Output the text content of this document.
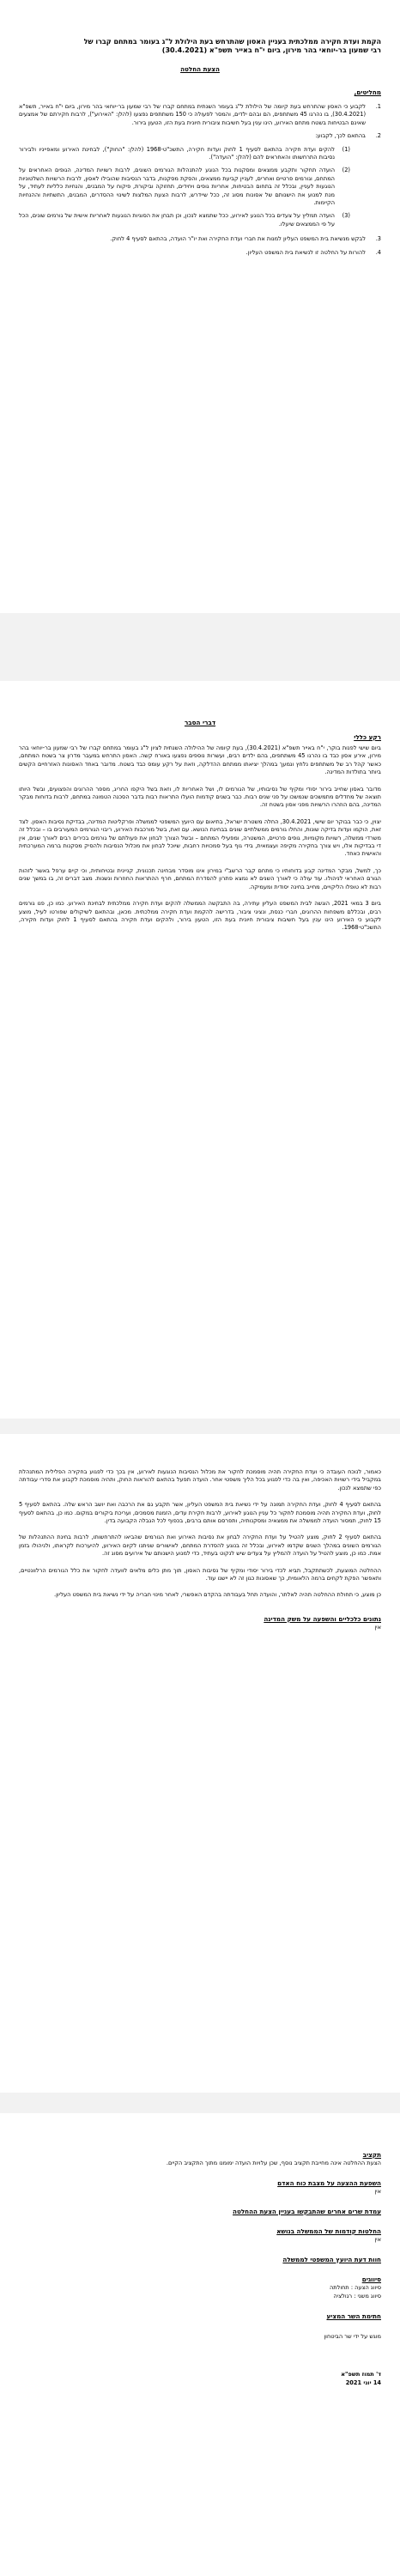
הקמת ועדת חקירה ממלכתית בעניין האסון שהתרחש בעת הילולת ל"ג בעומר במתחם קברו של
רבי שמעון בר-יוחאי בהר מירון, ביום י"ח באייר תשפ"א (30.4.2021)
הצעת החלטה
מחליטים,
1.
לקבוע כי האסון שהתרחש בעת קיומה של הילולת ל"ג בעומר השנתית במתחם קברו של רבי שמעון בר-יוחאי בהר מירון, ביום י"ח באייר, תשפ"א (30.4.2021), בו נהרגו 45 משתתפים, הם ובהם ילדים, והמסר לפעולה כי 150 משתתפים נפצעו (להלן: "האירוע"), לרבות חקירתם של אמצעים שאינם הבטיחות בשטח מתחם האירוע, הינו ענין בעל חשיבות ציבורית חיונית בעת הזו, הטעון בירור.
2.
בהתאם לכך, לקבוע:
(1)
להקים ועדת חקירה בהתאם לסעיף 1 לחוק ועדות חקירה, התשכ"ט-1968 (להלן: "החוק"), לבחינת האירוע ומאפייניו ולבירור נסיבות התרחשותו והאחראים להם (להלן: "הועדה").
(2)
הועדה תחקור ותקבע ממצאים ומסקנות בכל הנוגע להתנהלות הגורמים השונים, לרבות רשויות המדינה, הגופים האחראים על המתחם, וגורמים פרטיים ואחרים, לעניין קביעת ממצאים, והסקת מסקנות, בדבר הנסיבות שהובילו לאסון, לרבות הרשויות השלטוניות הנוגעות לעניין, ובכלל זה בתחום הבטיחות, אחריות גופים ויחידים, תחזוקה וביקורת, פיקוח על המבנים, והנחיות כלליות לעתיד, על מנת למנוע את הישנותם של אסונות מסוג זה, ככל שיידרש, לרבות הצעת המלצות לשינוי ההסדרים, המבנים, התשתיות וההנחיות הקיימות.
(3)
הועדה תמליץ על צעדים בכל הנוגע לאירוע, ככל שתמצא לנכון, וכן תבחן את הסוגיות הנוגעות לאחריות אישית של גורמים שונים, הכל על פי הממצאים שיעלו.
3.
לבקש מנשיאת בית המשפט העליון למנות את חברי ועדת החקירה ואת יו"ר הועדה, בהתאם לסעיף 4 לחוק.
4.
להורות על החלטה זו לנשיאת בית המשפט העליון.
דברי הסבר
רקע כללי
ביום שישי לפנות בוקר, י"ח באייר תשפ"א (30.4.2021), בעת קיומה של ההילולה השנתית לציון ל"ג בעומר במתחם קברו של רבי שמעון בר-יוחאי בהר מירון, אירע אסון כבד בו נהרגו 45 משתתפים, בהם ילדים רבים, ועשרות נוספים נפצעו באורח קשה. האסון התרחש במעבר מדרון צר בשטח המתחם, כאשר קהל רב של משתתפים נלחץ ונמעך במהלך יציאתו ממתחם ההדלקה, וזאת על רקע עומס כבד בשטח. מדובר באחד האסונות האזרחיים הקשים ביותר בתולדות המדינה.
מדובר באסון שחייב בירור יסודי ומקיף של נסיבותיו, של הגורמים לו, ושל האחריות לו, וזאת בשל היקפו החריג, מספר ההרוגים והפצועים, ובשל היותו תוצאה של מחדלים מתמשכים שנמשכו על פני שנים רבות. כבר בשנים קודמות הועלו התראות רבות בדבר הסכנה הטמונה במתחם, לרבות בדוחות מבקר המדינה, בהם הוזהרו הרשויות מפני אסון בשטח זה.
יצוין, כי כבר בבוקר יום שישי, 30.4.2021, החלה משטרת ישראל, בתיאום עם היועץ המשפטי לממשלה ופרקליטות המדינה, בבדיקת נסיבות האסון. לצד זאת, הוקמו ועדות בדיקה שונות, והחלו גורמים ממשלתיים שונים בבחינת הנושא. עם זאת, בשל מורכבות האירוע, ריבוי הגורמים המעורבים בו – ובכלל זה משרדי ממשלה, רשויות מקומיות, גופים פרטיים, המשטרה, ומפעילי המתחם – ובשל הצורך לבחון את פעולתם של גורמים בכירים רבים לאורך שנים, אין די בבדיקות אלו, ויש צורך בחקירה מקיפה ועצמאית, בידי גוף בעל סמכויות רחבות, שיוכל לבחון את מכלול הנסיבות ולהסיק מסקנות ברמה המערכתית והאישית כאחד.
כך, למשל, מבקר המדינה קבע בדוחותיו כי מתחם קבר הרשב"י במירון אינו מוסדר מבחינה תכנונית, קניינית ובטיחותית, וכי קיים ערפל באשר לזהות הגורם האחראי לניהולו. עוד עולה כי לאורך השנים לא נמצא פתרון להסדרת המתחם, חרף ההתראות החוזרות ונשנות. מצב דברים זה, בו במשך שנים רבות לא טופלו הליקויים, מחייב בחינה יסודית ומעמיקה.
ביום 3 במאי 2021, הוגשה לבית המשפט העליון עתירה, בה התבקשה הממשלה להקים ועדת חקירה ממלכתית לבחינת האירוע. כמו כן, פנו גורמים רבים, ובכללם משפחות ההרוגים, חברי כנסת, ונציגי ציבור, בדרישה להקמת ועדת חקירה ממלכתית. מכאן, ובהתאם לשיקולים שפורטו לעיל, מוצע לקבוע כי האירוע הינו ענין בעל חשיבות ציבורית חיונית בעת הזו, הטעון בירור, ולהקים ועדת חקירה בהתאם לסעיף 1 לחוק ועדות חקירה, התשכ"ט-1968.
כאמור, לנוכח העובדה כי ועדת החקירה תהיה מוסמכת לחקור את מכלול הנסיבות הנוגעות לאירוע, אין בכך כדי לפגוע בחקירה הפלילית המתנהלת במקביל בידי רשויות האכיפה, ואין בה כדי לפגוע בכל הליך משפטי אחר. הועדה תפעל בהתאם להוראות החוק, ותהיה מוסמכת לקבוע את סדרי עבודתה כפי שתמצא לנכון.
בהתאם לסעיף 4 לחוק, ועדת החקירה תמונה על ידי נשיאת בית המשפט העליון, אשר תקבע גם את הרכבה ואת יושב הראש שלה. בהתאם לסעיף 5 לחוק, ועדת החקירה תהיה מוסמכת לחקור כל עניין הנוגע לאירוע, לרבות חקירת עדים, הזמנת מסמכים, ועריכת ביקורים במקום. כמו כן, בהתאם לסעיף 15 לחוק, תמסור הועדה לממשלה את ממצאיה ומסקנותיה, ותפרסם אותם ברבים, בכפוף לכל הגבלה הקבועה בדין.
בהתאם לסעיף 2 לחוק, מוצע להטיל על ועדת החקירה לבחון את נסיבות האירוע ואת הגורמים שהביאו להתרחשותו, לרבות בחינת ההתנהלות של הגורמים השונים במהלך השנים שקדמו לאירוע, ובכלל זה בנוגע להסדרת המתחם, לאישורים שניתנו לקיום האירוע, להיערכות לקראתו, ולניהולו בזמן אמת. כמו כן, מוצע להטיל על הועדה להמליץ על צעדים שיש לנקוט בעתיד, כדי למנוע הישנותם של אירועים מסוג זה.
ההחלטה המוצעת, לכשתתקבל, תביא לכדי בירור יסודי ומקיף של נסיבות האסון, תוך מתן כלים מלאים לוועדה לחקור את כלל הגורמים הרלוונטיים, ותאפשר הפקת לקחים ברמה הלאומית, כך שאסונות כגון זה לא יישנו עוד.
כן מוצע, כי תחולת ההחלטה תהיה לאלתר, והועדה תחל בעבודתה בהקדם האפשרי, לאחר מינוי חבריה על ידי נשיאת בית המשפט העליון.
נתונים כלכליים והשפעה על משק המדינה
אין
תקציב
הצעת ההחלטה אינה מחייבת תקציב נוסף, שכן עלויות הועדה ימומנו מתוך התקציב הקיים.
השפעת ההצעה על מצבת כוח האדם
אין
עמדת שרים אחרים שהתבקשו בעניין הצעת ההחלטה
החלטות קודמות של הממשלה בנושא
אין
חוות דעת היועץ המשפטי לממשלה
סיווגים
סיווג הצעה : תחולתה
סיווג משני : רגולציה
חתימת השר המציע
מוגש על ידי שר הביטחון
ד' תמוז תשפ"א
14 יוני 2021
